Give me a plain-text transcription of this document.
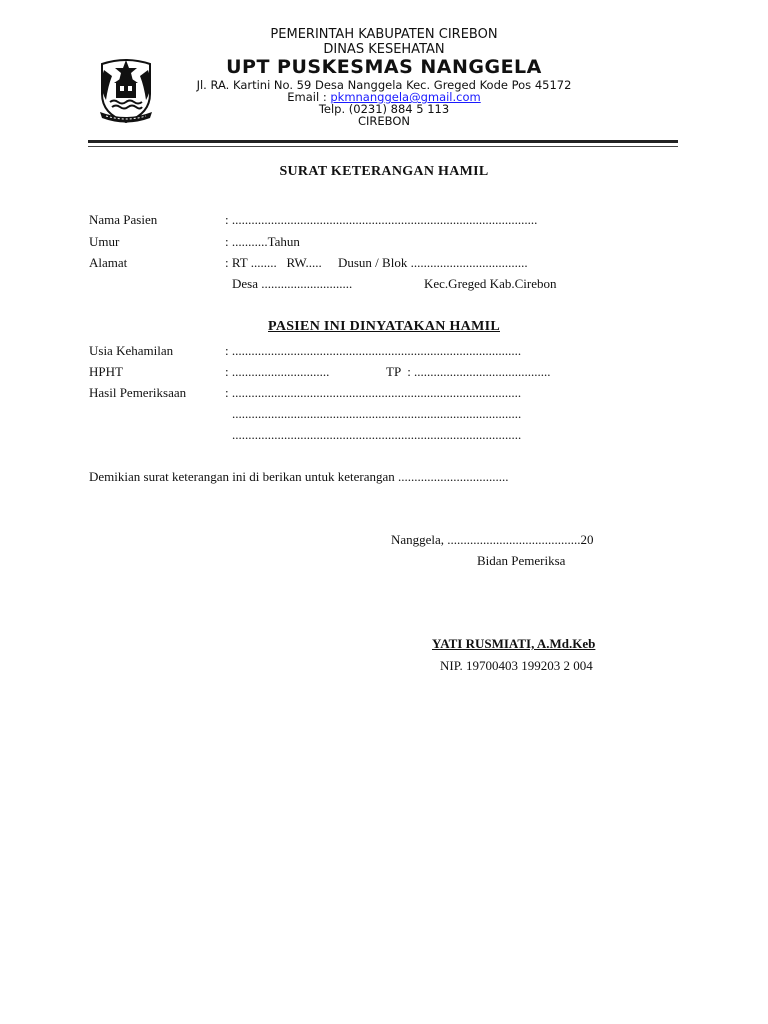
PEMERINTAH KABUPATEN CIREBON
DINAS KESEHATAN
UPT PUSKESMAS NANGGELA
Jl. RA. Kartini No. 59 Desa Nanggela Kec. Greged Kode Pos 45172
Email : pkmnanggela@gmail.com
Telp. (0231) 884 5 113
CIREBON
SURAT KETERANGAN HAMIL
Nama Pasien	: ..............................................................................................
Umur	: ...........Tahun
Alamat	: RT ........   RW.....     Dusun / Blok ....................................
Desa ............................	Kec.Greged Kab.Cirebon
PASIEN INI DINYATAKAN HAMIL
Usia Kehamilan	: .........................................................................................
HPHT	: ..............................	TP  : ..........................................
Hasil Pemeriksaan	: .........................................................................................
.........................................................................................
.........................................................................................
Demikian surat keterangan ini di berikan untuk keterangan ..................................
Nanggela, .........................................20
Bidan Pemeriksa
YATI RUSMIATI, A.Md.Keb
NIP. 19700403 199203 2 004
